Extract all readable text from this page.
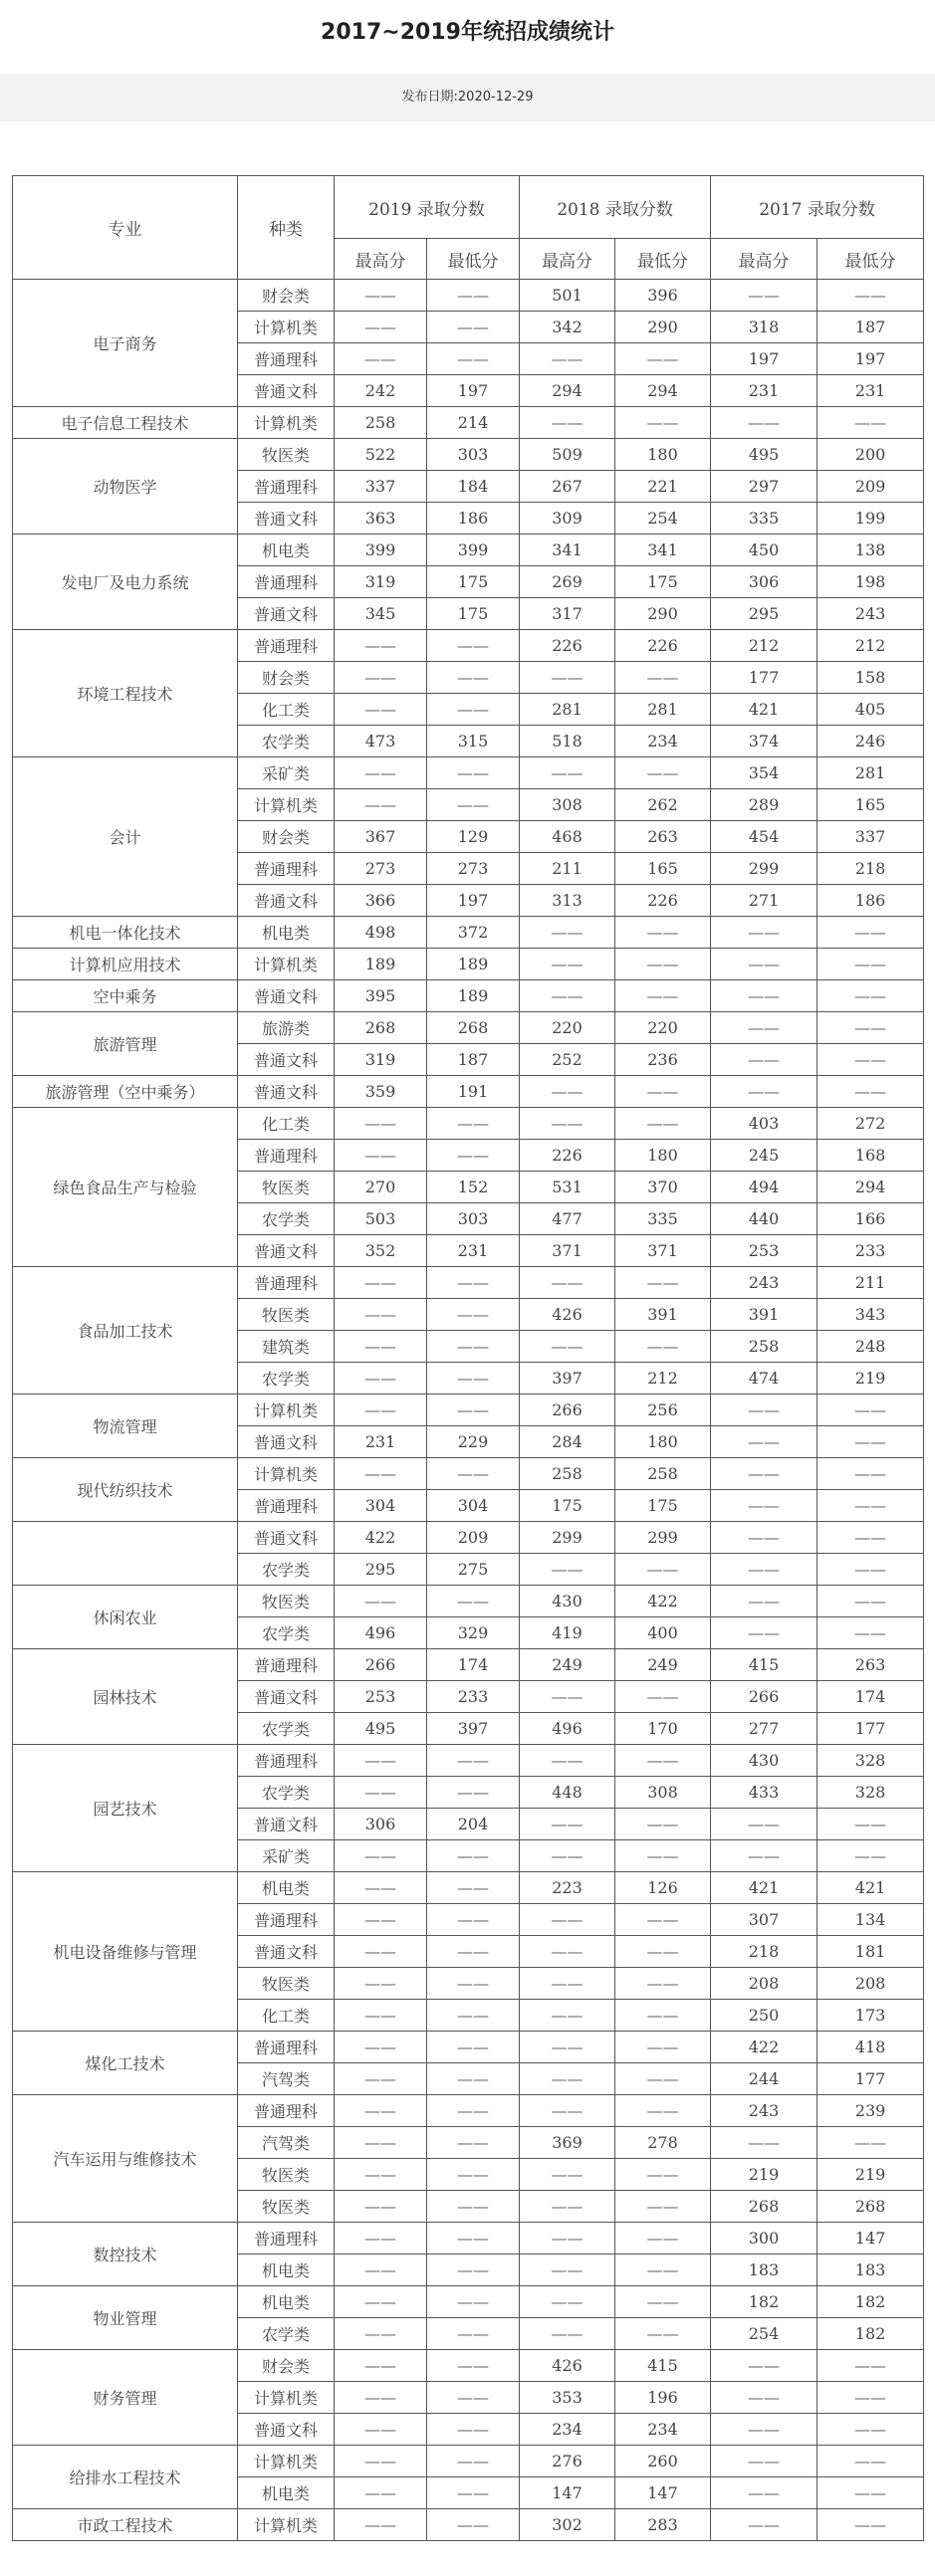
2017~2019年统招成绩统计
发布日期:2020-12-29
专业	种类	2019 录取分数		2018 录取分数		2017 录取分数	
		最高分	最低分	最高分	最低分	最高分	最低分
电子商务	财会类	——	——	501	396	——	——
	计算机类	——	——	342	290	318	187
	普通理科	——	——	——	——	197	197
	普通文科	242	197	294	294	231	231
电子信息工程技术	计算机类	258	214	——	——	——	——
动物医学	牧医类	522	303	509	180	495	200
	普通理科	337	184	267	221	297	209
	普通文科	363	186	309	254	335	199
发电厂及电力系统	机电类	399	399	341	341	450	138
	普通理科	319	175	269	175	306	198
	普通文科	345	175	317	290	295	243
环境工程技术	普通理科	——	——	226	226	212	212
	财会类	——	——	——	——	177	158
	化工类	——	——	281	281	421	405
	农学类	473	315	518	234	374	246
会计	采矿类	——	——	——	——	354	281
	计算机类	——	——	308	262	289	165
	财会类	367	129	468	263	454	337
	普通理科	273	273	211	165	299	218
	普通文科	366	197	313	226	271	186
机电一体化技术	机电类	498	372	——	——	——	——
计算机应用技术	计算机类	189	189	——	——	——	——
空中乘务	普通文科	395	189	——	——	——	——
旅游管理	旅游类	268	268	220	220	——	——
	普通文科	319	187	252	236	——	——
旅游管理（空中乘务）	普通文科	359	191	——	——	——	——
绿色食品生产与检验	化工类	——	——	——	——	403	272
	普通理科	——	——	226	180	245	168
	牧医类	270	152	531	370	494	294
	农学类	503	303	477	335	440	166
	普通文科	352	231	371	371	253	233
食品加工技术	普通理科	——	——	——	——	243	211
	牧医类	——	——	426	391	391	343
	建筑类	——	——	——	——	258	248
	农学类	——	——	397	212	474	219
物流管理	计算机类	——	——	266	256	——	——
	普通文科	231	229	284	180	——	——
现代纺织技术	计算机类	——	——	258	258	——	——
	普通理科	304	304	175	175	——	——
	普通文科	422	209	299	299	——	——
	农学类	295	275	——	——	——	——
休闲农业	牧医类	——	——	430	422	——	——
	农学类	496	329	419	400	——	——
园林技术	普通理科	266	174	249	249	415	263
	普通文科	253	233	——	——	266	174
	农学类	495	397	496	170	277	177
园艺技术	普通理科	——	——	——	——	430	328
	农学类	——	——	448	308	433	328
	普通文科	306	204	——	——	——	——
	采矿类	——	——	——	——	——	——
机电设备维修与管理	机电类	——	——	223	126	421	421
	普通理科	——	——	——	——	307	134
	普通文科	——	——	——	——	218	181
	牧医类	——	——	——	——	208	208
	化工类	——	——	——	——	250	173
煤化工技术	普通理科	——	——	——	——	422	418
	汽驾类	——	——	——	——	244	177
汽车运用与维修技术	普通理科	——	——	——	——	243	239
	汽驾类	——	——	369	278	——	——
	牧医类	——	——	——	——	219	219
	牧医类	——	——	——	——	268	268
数控技术	普通理科	——	——	——	——	300	147
	机电类	——	——	——	——	183	183
物业管理	机电类	——	——	——	——	182	182
	农学类	——	——	——	——	254	182
财务管理	财会类	——	——	426	415	——	——
	计算机类	——	——	353	196	——	——
	普通文科	——	——	234	234	——	——
给排水工程技术	计算机类	——	——	276	260	——	——
	机电类	——	——	147	147	——	——
市政工程技术	计算机类	——	——	302	283	——	——
